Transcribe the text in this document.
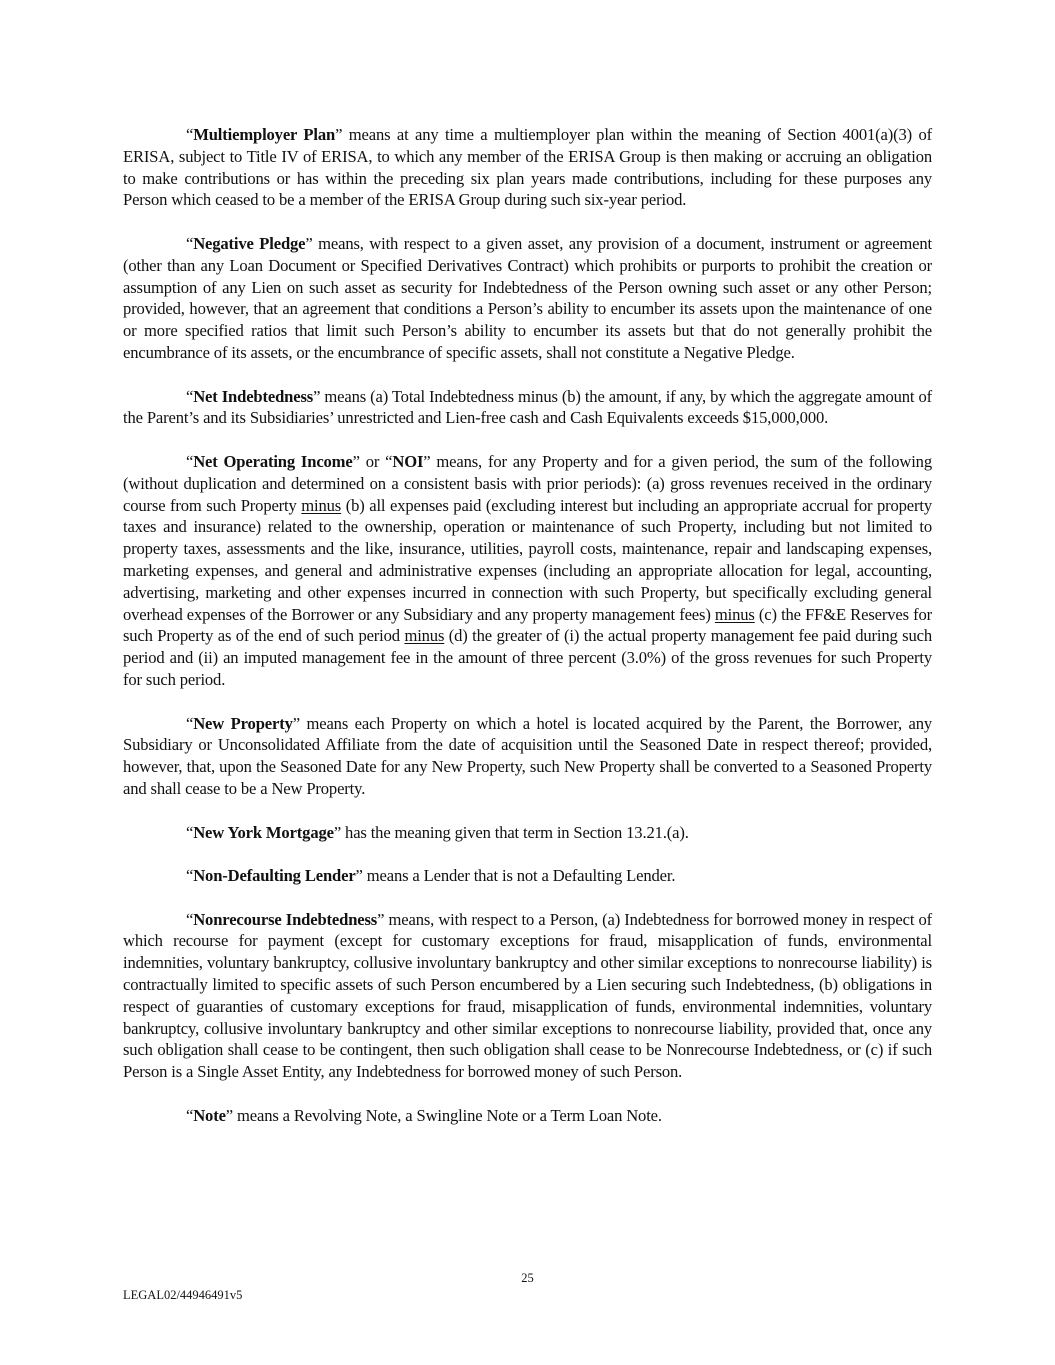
“Multiemployer Plan” means at any time a multiemployer plan within the meaning of Section 4001(a)(3) of ERISA, subject to Title IV of ERISA, to which any member of the ERISA Group is then making or accruing an obligation to make contributions or has within the preceding six plan years made contributions, including for these purposes any Person which ceased to be a member of the ERISA Group during such six-year period.

“Negative Pledge” means, with respect to a given asset, any provision of a document, instrument or agreement (other than any Loan Document or Specified Derivatives Contract) which prohibits or purports to prohibit the creation or assumption of any Lien on such asset as security for Indebtedness of the Person owning such asset or any other Person; provided, however, that an agreement that conditions a Person’s ability to encumber its assets upon the maintenance of one or more specified ratios that limit such Person’s ability to encumber its assets but that do not generally prohibit the encumbrance of its assets, or the encumbrance of specific assets, shall not constitute a Negative Pledge.

“Net Indebtedness” means (a) Total Indebtedness minus (b) the amount, if any, by which the aggregate amount of the Parent’s and its Subsidiaries’ unrestricted and Lien-free cash and Cash Equivalents exceeds $15,000,000.

“Net Operating Income” or “NOI” means, for any Property and for a given period, the sum of the following (without duplication and determined on a consistent basis with prior periods): (a) gross revenues received in the ordinary course from such Property minus (b) all expenses paid (excluding interest but including an appropriate accrual for property taxes and insurance) related to the ownership, operation or maintenance of such Property, including but not limited to property taxes, assessments and the like, insurance, utilities, payroll costs, maintenance, repair and landscaping expenses, marketing expenses, and general and administrative expenses (including an appropriate allocation for legal, accounting, advertising, marketing and other expenses incurred in connection with such Property, but specifically excluding general overhead expenses of the Borrower or any Subsidiary and any property management fees) minus (c) the FF&E Reserves for such Property as of the end of such period minus (d) the greater of (i) the actual property management fee paid during such period and (ii) an imputed management fee in the amount of three percent (3.0%) of the gross revenues for such Property for such period.

“New Property” means each Property on which a hotel is located acquired by the Parent, the Borrower, any Subsidiary or Unconsolidated Affiliate from the date of acquisition until the Seasoned Date in respect thereof; provided, however, that, upon the Seasoned Date for any New Property, such New Property shall be converted to a Seasoned Property and shall cease to be a New Property.

“New York Mortgage” has the meaning given that term in Section 13.21.(a).

“Non-Defaulting Lender” means a Lender that is not a Defaulting Lender.

“Nonrecourse Indebtedness” means, with respect to a Person, (a) Indebtedness for borrowed money in respect of which recourse for payment (except for customary exceptions for fraud, misapplication of funds, environmental indemnities, voluntary bankruptcy, collusive involuntary bankruptcy and other similar exceptions to nonrecourse liability) is contractually limited to specific assets of such Person encumbered by a Lien securing such Indebtedness, (b) obligations in respect of guaranties of customary exceptions for fraud, misapplication of funds, environmental indemnities, voluntary bankruptcy, collusive involuntary bankruptcy and other similar exceptions to nonrecourse liability, provided that, once any such obligation shall cease to be contingent, then such obligation shall cease to be Nonrecourse Indebtedness, or (c) if such Person is a Single Asset Entity, any Indebtedness for borrowed money of such Person.

“Note” means a Revolving Note, a Swingline Note or a Term Loan Note.

25
LEGAL02/44946491v5
